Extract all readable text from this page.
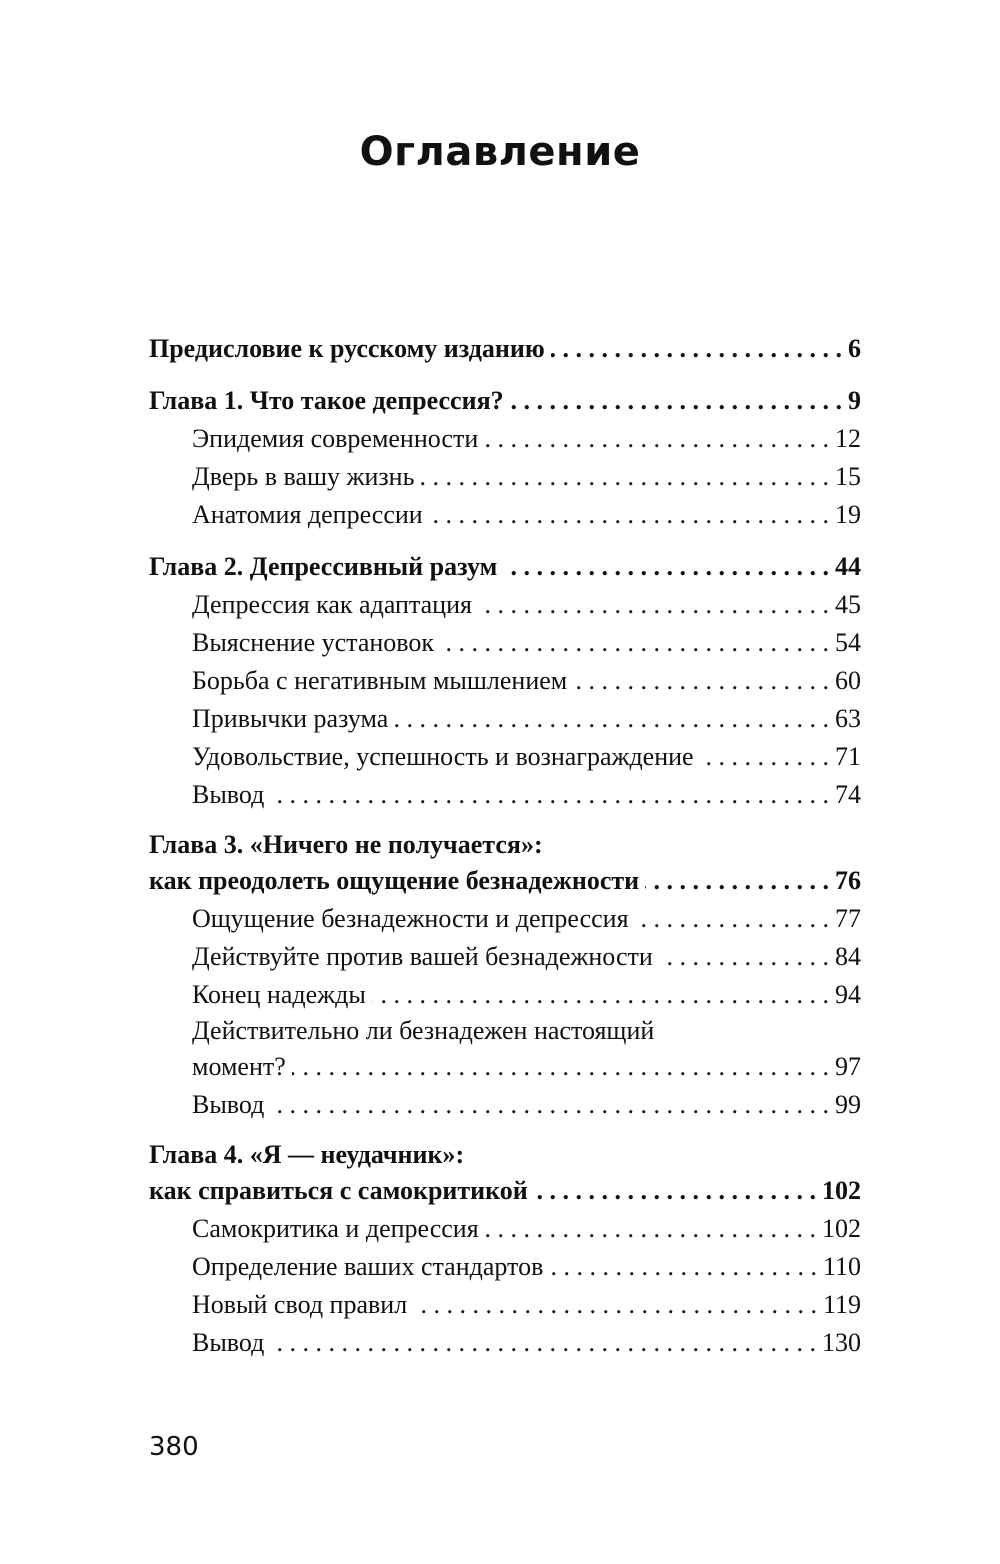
Оглавление
Предисловие к русскому изданию . . .	6
Глава 1. Что такое депрессия? . . .	9
Эпидемия современности . . .	12
Дверь в вашу жизнь . . .	15
Анатомия депрессии . . .	19
Глава 2. Депрессивный разум . . .	44
Депрессия как адаптация . . .	45
Выяснение установок . . .	54
Борьба с негативным мышлением . . .	60
Привычки разума . . .	63
Удовольствие, успешность и вознаграждение . . .	71
Вывод . . .	74
Глава 3. «Ничего не получается»:
как преодолеть ощущение безнадежности . . .	76
Ощущение безнадежности и депрессия . . .	77
Действуйте против вашей безнадежности . . .	84
Конец надежды . . .	94
Действительно ли безнадежен настоящий
момент? . . .	97
Вывод . . .	99
Глава 4. «Я — неудачник»:
как справиться с самокритикой . . .	102
Самокритика и депрессия . . .	102
Определение ваших стандартов . . .	110
Новый свод правил . . .	119
Вывод . . .	130

380
